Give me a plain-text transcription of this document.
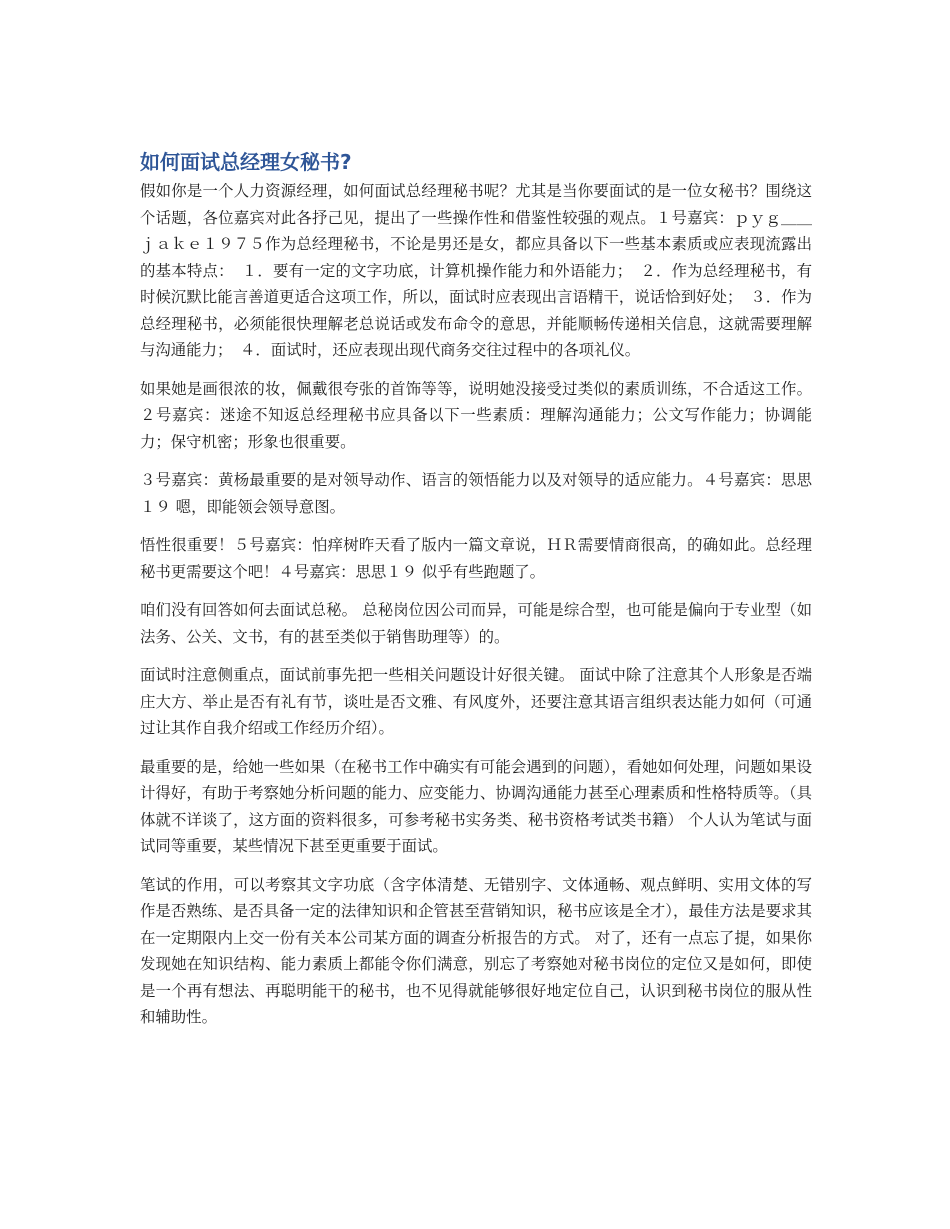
如何面试总经理女秘书?

假如你是一个人力资源经理，如何面试总经理秘书呢？尤其是当你要面试的是一位女秘书？围绕这个话题，各位嘉宾对此各抒己见，提出了一些操作性和借鉴性较强的观点。１号嘉宾：ｐｙｇ＿＿ｊａｋｅ１９７５作为总经理秘书，不论是男还是女，都应具备以下一些基本素质或应表现流露出的基本特点：　１．要有一定的文字功底，计算机操作能力和外语能力；　２．作为总经理秘书，有时候沉默比能言善道更适合这项工作，所以，面试时应表现出言语精干，说话恰到好处；　３．作为总经理秘书，必须能很快理解老总说话或发布命令的意思，并能顺畅传递相关信息，这就需要理解与沟通能力；　４．面试时，还应表现出现代商务交往过程中的各项礼仪。

如果她是画很浓的妆，佩戴很夸张的首饰等等，说明她没接受过类似的素质训练，不合适这工作。２号嘉宾：迷途不知返总经理秘书应具备以下一些素质：理解沟通能力；公文写作能力；协调能力；保守机密；形象也很重要。

３号嘉宾：黄杨最重要的是对领导动作、语言的领悟能力以及对领导的适应能力。４号嘉宾：思思１９ 嗯，即能领会领导意图。

悟性很重要！５号嘉宾：怕痒树昨天看了版内一篇文章说，ＨＲ需要情商很高，的确如此。总经理秘书更需要这个吧！４号嘉宾：思思１９ 似乎有些跑题了。

咱们没有回答如何去面试总秘。 总秘岗位因公司而异，可能是综合型，也可能是偏向于专业型（如法务、公关、文书，有的甚至类似于销售助理等）的。

面试时注意侧重点，面试前事先把一些相关问题设计好很关键。 面试中除了注意其个人形象是否端庄大方、举止是否有礼有节，谈吐是否文雅、有风度外，还要注意其语言组织表达能力如何（可通过让其作自我介绍或工作经历介绍）。

最重要的是，给她一些如果（在秘书工作中确实有可能会遇到的问题），看她如何处理，问题如果设计得好，有助于考察她分析问题的能力、应变能力、协调沟通能力甚至心理素质和性格特质等。（具体就不详谈了，这方面的资料很多，可参考秘书实务类、秘书资格考试类书籍） 个人认为笔试与面试同等重要，某些情况下甚至更重要于面试。

笔试的作用，可以考察其文字功底（含字体清楚、无错别字、文体通畅、观点鲜明、实用文体的写作是否熟练、是否具备一定的法律知识和企管甚至营销知识，秘书应该是全才），最佳方法是要求其在一定期限内上交一份有关本公司某方面的调查分析报告的方式。 对了，还有一点忘了提，如果你发现她在知识结构、能力素质上都能令你们满意，别忘了考察她对秘书岗位的定位又是如何，即使是一个再有想法、再聪明能干的秘书，也不见得就能够很好地定位自己，认识到秘书岗位的服从性和辅助性。
